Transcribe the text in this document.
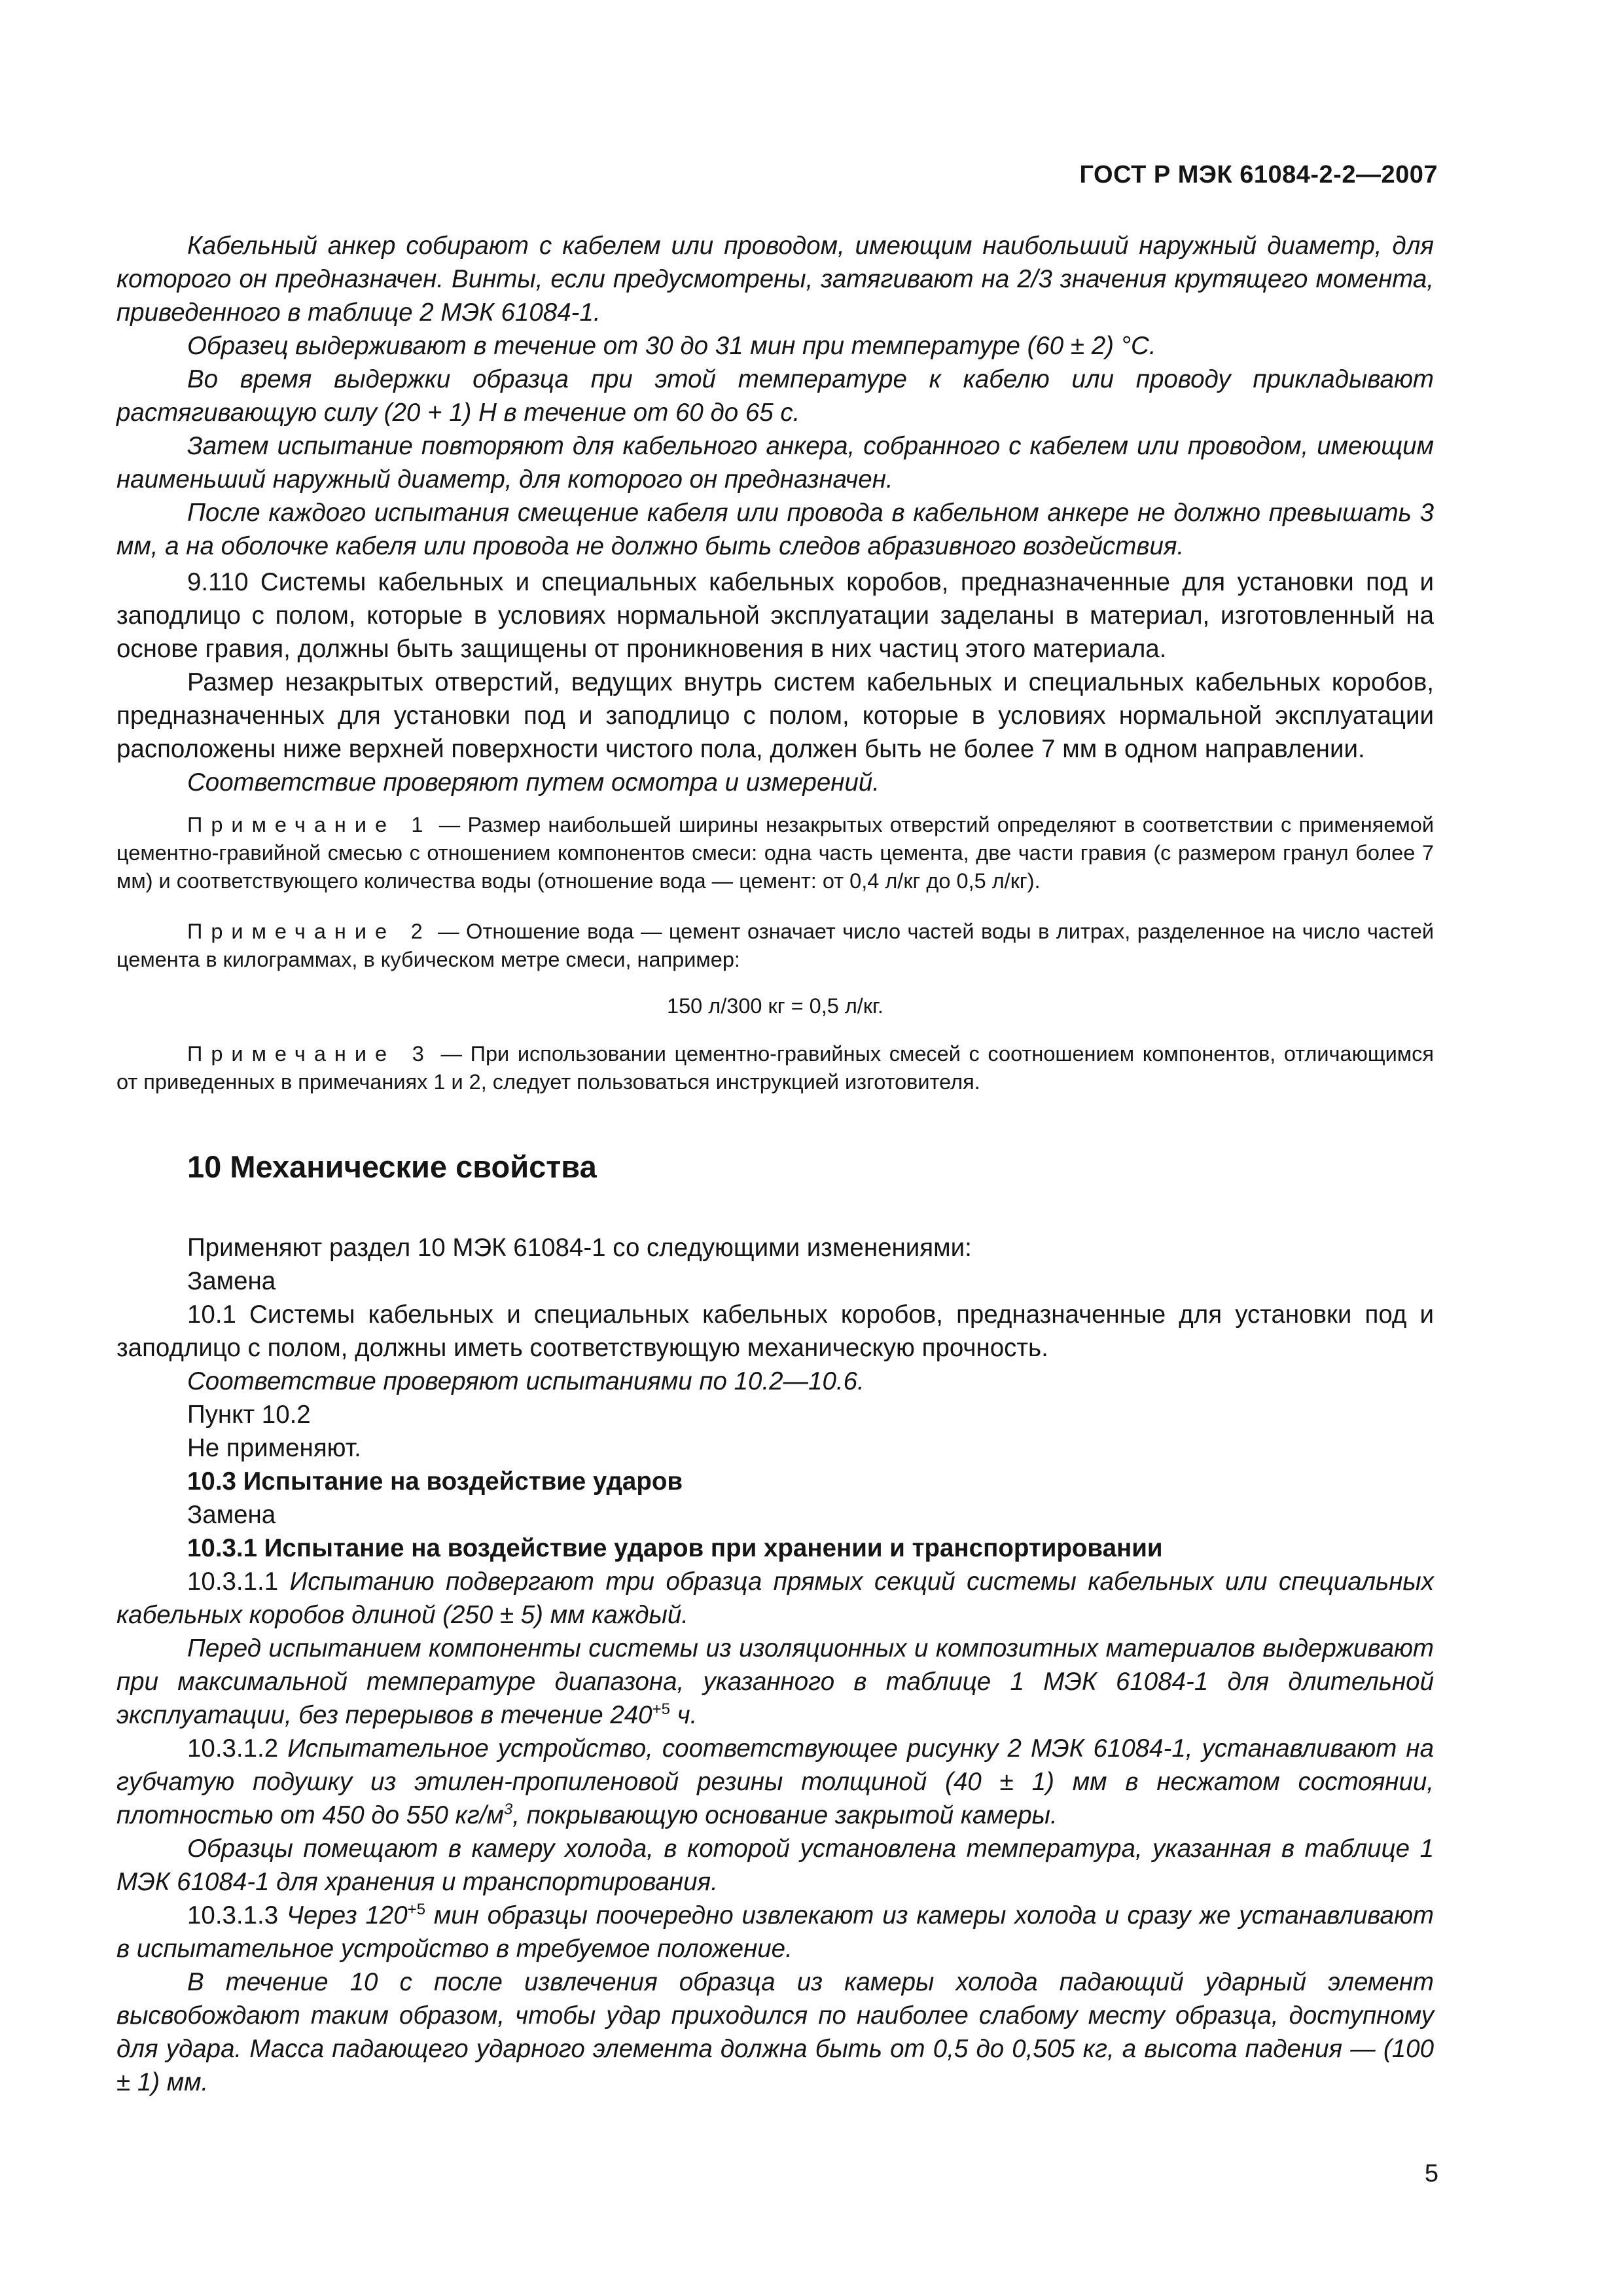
ГОСТ Р МЭК 61084-2-2—2007

Кабельный анкер собирают с кабелем или проводом, имеющим наибольший наружный диаметр, для которого он предназначен. Винты, если предусмотрены, затягивают на 2/3 значения крутящего момента, приведенного в таблице 2 МЭК 61084-1.

Образец выдерживают в течение от 30 до 31 мин при температуре (60 ± 2) °С.

Во время выдержки образца при этой температуре к кабелю или проводу прикладывают растягивающую силу (20 + 1) Н в течение от 60 до 65 с.

Затем испытание повторяют для кабельного анкера, собранного с кабелем или проводом, имеющим наименьший наружный диаметр, для которого он предназначен.

После каждого испытания смещение кабеля или провода в кабельном анкере не должно превышать 3 мм, а на оболочке кабеля или провода не должно быть следов абразивного воздействия.

9.110 Системы кабельных и специальных кабельных коробов, предназначенные для установки под и заподлицо с полом, которые в условиях нормальной эксплуатации заделаны в материал, изготовленный на основе гравия, должны быть защищены от проникновения в них частиц этого материала.

Размер незакрытых отверстий, ведущих внутрь систем кабельных и специальных кабельных коробов, предназначенных для установки под и заподлицо с полом, которые в условиях нормальной эксплуатации расположены ниже верхней поверхности чистого пола, должен быть не более 7 мм в одном направлении.

Соответствие проверяют путем осмотра и измерений.

Примечание 1 — Размер наибольшей ширины незакрытых отверстий определяют в соответствии с применяемой цементно-гравийной смесью с отношением компонентов смеси: одна часть цемента, две части гравия (с размером гранул более 7 мм) и соответствующего количества воды (отношение вода — цемент: от 0,4 л/кг до 0,5 л/кг).

Примечание 2 — Отношение вода — цемент означает число частей воды в литрах, разделенное на число частей цемента в килограммах, в кубическом метре смеси, например:

150 л/300 кг = 0,5 л/кг.

Примечание 3 — При использовании цементно-гравийных смесей с соотношением компонентов, отличающимся от приведенных в примечаниях 1 и 2, следует пользоваться инструкцией изготовителя.

10 Механические свойства

Применяют раздел 10 МЭК 61084-1 со следующими изменениями:

Замена

10.1 Системы кабельных и специальных кабельных коробов, предназначенные для установки под и заподлицо с полом, должны иметь соответствующую механическую прочность.

Соответствие проверяют испытаниями по 10.2—10.6.

Пункт 10.2

Не применяют.

10.3 Испытание на воздействие ударов

Замена

10.3.1 Испытание на воздействие ударов при хранении и транспортировании

10.3.1.1 Испытанию подвергают три образца прямых секций системы кабельных или специальных кабельных коробов длиной (250 ± 5) мм каждый.

Перед испытанием компоненты системы из изоляционных и композитных материалов выдерживают при максимальной температуре диапазона, указанного в таблице 1 МЭК 61084-1 для длительной эксплуатации, без перерывов в течение $240^{+5}$ ч.

10.3.1.2 Испытательное устройство, соответствующее рисунку 2 МЭК 61084-1, устанавливают на губчатую подушку из этилен-пропиленовой резины толщиной (40 ± 1) мм в несжатом состоянии, плотностью от 450 до 550 $кг/м^3$, покрывающую основание закрытой камеры.

Образцы помещают в камеру холода, в которой установлена температура, указанная в таблице 1 МЭК 61084-1 для хранения и транспортирования.

10.3.1.3 Через $120^{+5}$ мин образцы поочередно извлекают из камеры холода и сразу же устанавливают в испытательное устройство в требуемое положение.

В течение 10 с после извлечения образца из камеры холода падающий ударный элемент высвобождают таким образом, чтобы удар приходился по наиболее слабому месту образца, доступному для удара. Масса падающего ударного элемента должна быть от 0,5 до 0,505 кг, а высота падения — (100 ± 1) мм.

5
